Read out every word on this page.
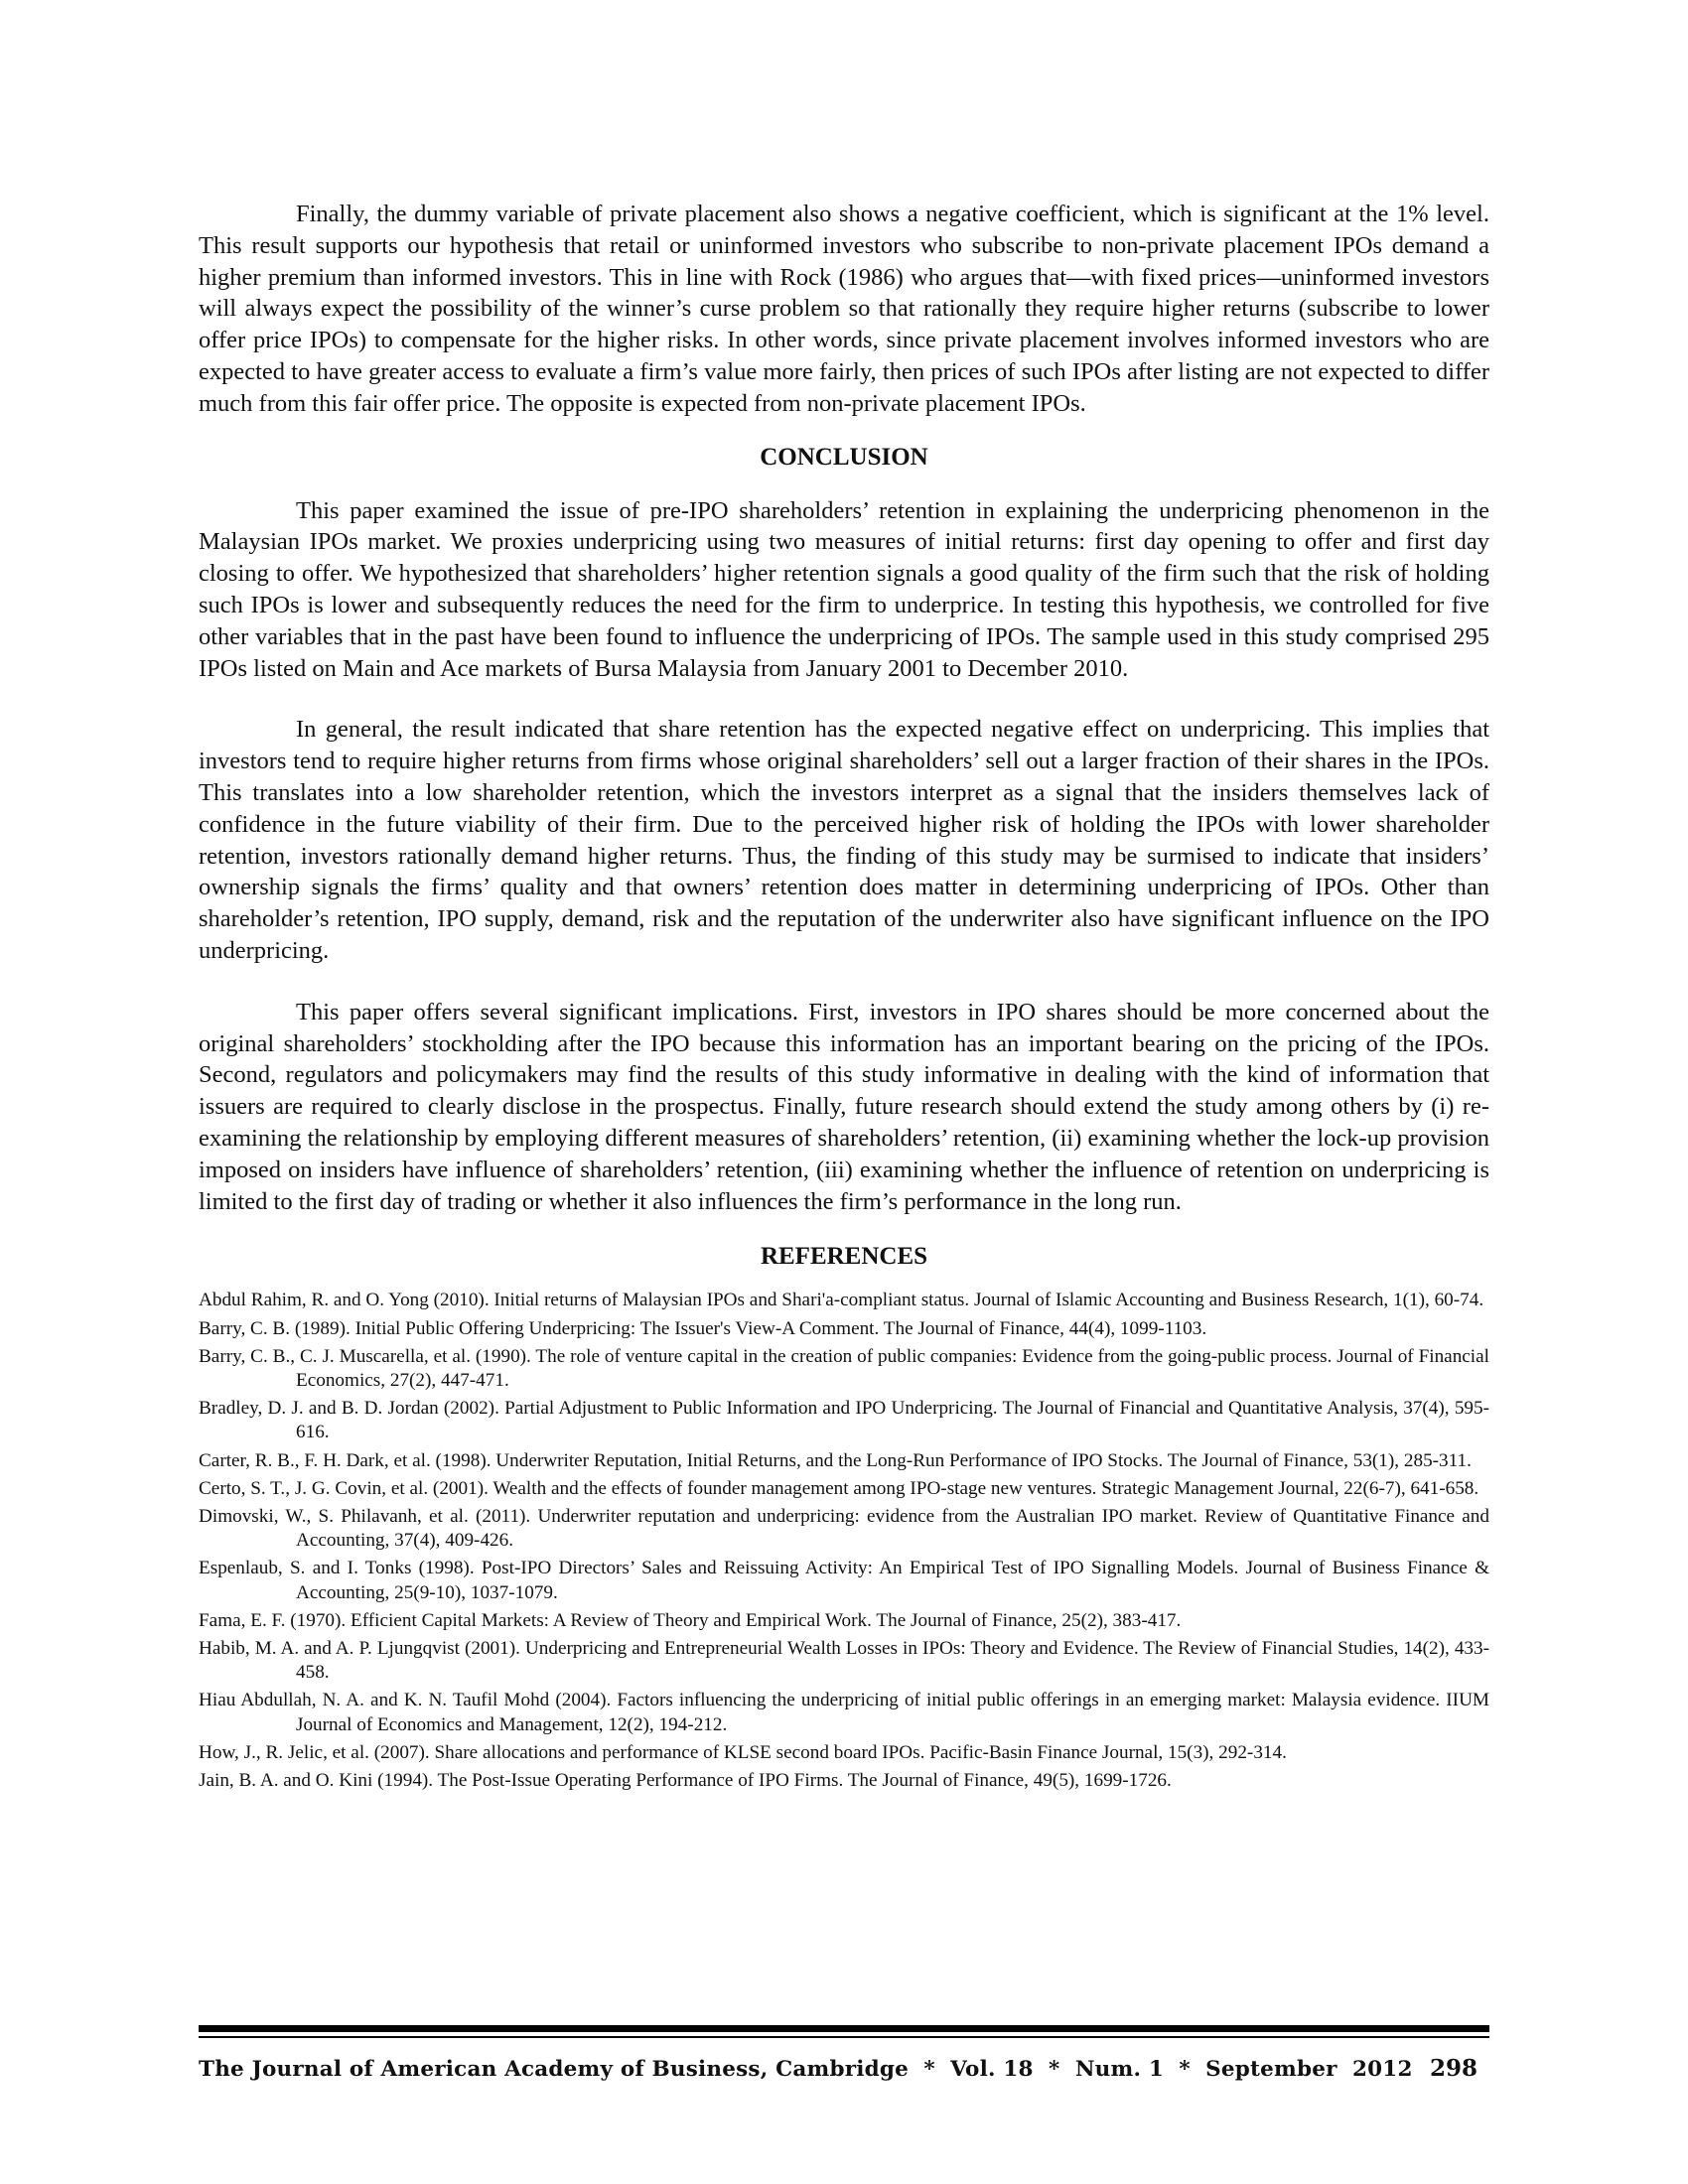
Finally, the dummy variable of private placement also shows a negative coefficient, which is significant at the 1% level. This result supports our hypothesis that retail or uninformed investors who subscribe to non-private placement IPOs demand a higher premium than informed investors. This in line with Rock (1986) who argues that—with fixed prices—uninformed investors will always expect the possibility of the winner’s curse problem so that rationally they require higher returns (subscribe to lower offer price IPOs) to compensate for the higher risks. In other words, since private placement involves informed investors who are expected to have greater access to evaluate a firm’s value more fairly, then prices of such IPOs after listing are not expected to differ much from this fair offer price. The opposite is expected from non-private placement IPOs.

CONCLUSION

This paper examined the issue of pre-IPO shareholders’ retention in explaining the underpricing phenomenon in the Malaysian IPOs market. We proxies underpricing using two measures of initial returns: first day opening to offer and first day closing to offer. We hypothesized that shareholders’ higher retention signals a good quality of the firm such that the risk of holding such IPOs is lower and subsequently reduces the need for the firm to underprice. In testing this hypothesis, we controlled for five other variables that in the past have been found to influence the underpricing of IPOs. The sample used in this study comprised 295 IPOs listed on Main and Ace markets of Bursa Malaysia from January 2001 to December 2010.

In general, the result indicated that share retention has the expected negative effect on underpricing. This implies that investors tend to require higher returns from firms whose original shareholders’ sell out a larger fraction of their shares in the IPOs. This translates into a low shareholder retention, which the investors interpret as a signal that the insiders themselves lack of confidence in the future viability of their firm. Due to the perceived higher risk of holding the IPOs with lower shareholder retention, investors rationally demand higher returns. Thus, the finding of this study may be surmised to indicate that insiders’ ownership signals the firms’ quality and that owners’ retention does matter in determining underpricing of IPOs. Other than shareholder’s retention, IPO supply, demand, risk and the reputation of the underwriter also have significant influence on the IPO underpricing.

This paper offers several significant implications. First, investors in IPO shares should be more concerned about the original shareholders’ stockholding after the IPO because this information has an important bearing on the pricing of the IPOs. Second, regulators and policymakers may find the results of this study informative in dealing with the kind of information that issuers are required to clearly disclose in the prospectus. Finally, future research should extend the study among others by (i) re-examining the relationship by employing different measures of shareholders’ retention, (ii) examining whether the lock-up provision imposed on insiders have influence of shareholders’ retention, (iii) examining whether the influence of retention on underpricing is limited to the first day of trading or whether it also influences the firm’s performance in the long run.

REFERENCES
Abdul Rahim, R. and O. Yong (2010). Initial returns of Malaysian IPOs and Shari'a-compliant status. Journal of Islamic Accounting and Business Research, 1(1), 60-74.
Barry, C. B. (1989). Initial Public Offering Underpricing: The Issuer's View-A Comment. The Journal of Finance, 44(4), 1099-1103.
Barry, C. B., C. J. Muscarella, et al. (1990). The role of venture capital in the creation of public companies: Evidence from the going-public process. Journal of Financial Economics, 27(2), 447-471.
Bradley, D. J. and B. D. Jordan (2002). Partial Adjustment to Public Information and IPO Underpricing. The Journal of Financial and Quantitative Analysis, 37(4), 595-616.
Carter, R. B., F. H. Dark, et al. (1998). Underwriter Reputation, Initial Returns, and the Long-Run Performance of IPO Stocks. The Journal of Finance, 53(1), 285-311.
Certo, S. T., J. G. Covin, et al. (2001). Wealth and the effects of founder management among IPO-stage new ventures. Strategic Management Journal, 22(6-7), 641-658.
Dimovski, W., S. Philavanh, et al. (2011). Underwriter reputation and underpricing: evidence from the Australian IPO market. Review of Quantitative Finance and Accounting, 37(4), 409-426.
Espenlaub, S. and I. Tonks (1998). Post-IPO Directors’ Sales and Reissuing Activity: An Empirical Test of IPO Signalling Models. Journal of Business Finance & Accounting, 25(9-10), 1037-1079.
Fama, E. F. (1970). Efficient Capital Markets: A Review of Theory and Empirical Work. The Journal of Finance, 25(2), 383-417.
Habib, M. A. and A. P. Ljungqvist (2001). Underpricing and Entrepreneurial Wealth Losses in IPOs: Theory and Evidence. The Review of Financial Studies, 14(2), 433-458.
Hiau Abdullah, N. A. and K. N. Taufil Mohd (2004). Factors influencing the underpricing of initial public offerings in an emerging market: Malaysia evidence. IIUM Journal of Economics and Management, 12(2), 194-212.
How, J., R. Jelic, et al. (2007). Share allocations and performance of KLSE second board IPOs. Pacific-Basin Finance Journal, 15(3), 292-314.
Jain, B. A. and O. Kini (1994). The Post-Issue Operating Performance of IPO Firms. The Journal of Finance, 49(5), 1699-1726.
The Journal of American Academy of Business, Cambridge  *  Vol. 18  *  Num. 1  *  September  2012 298
